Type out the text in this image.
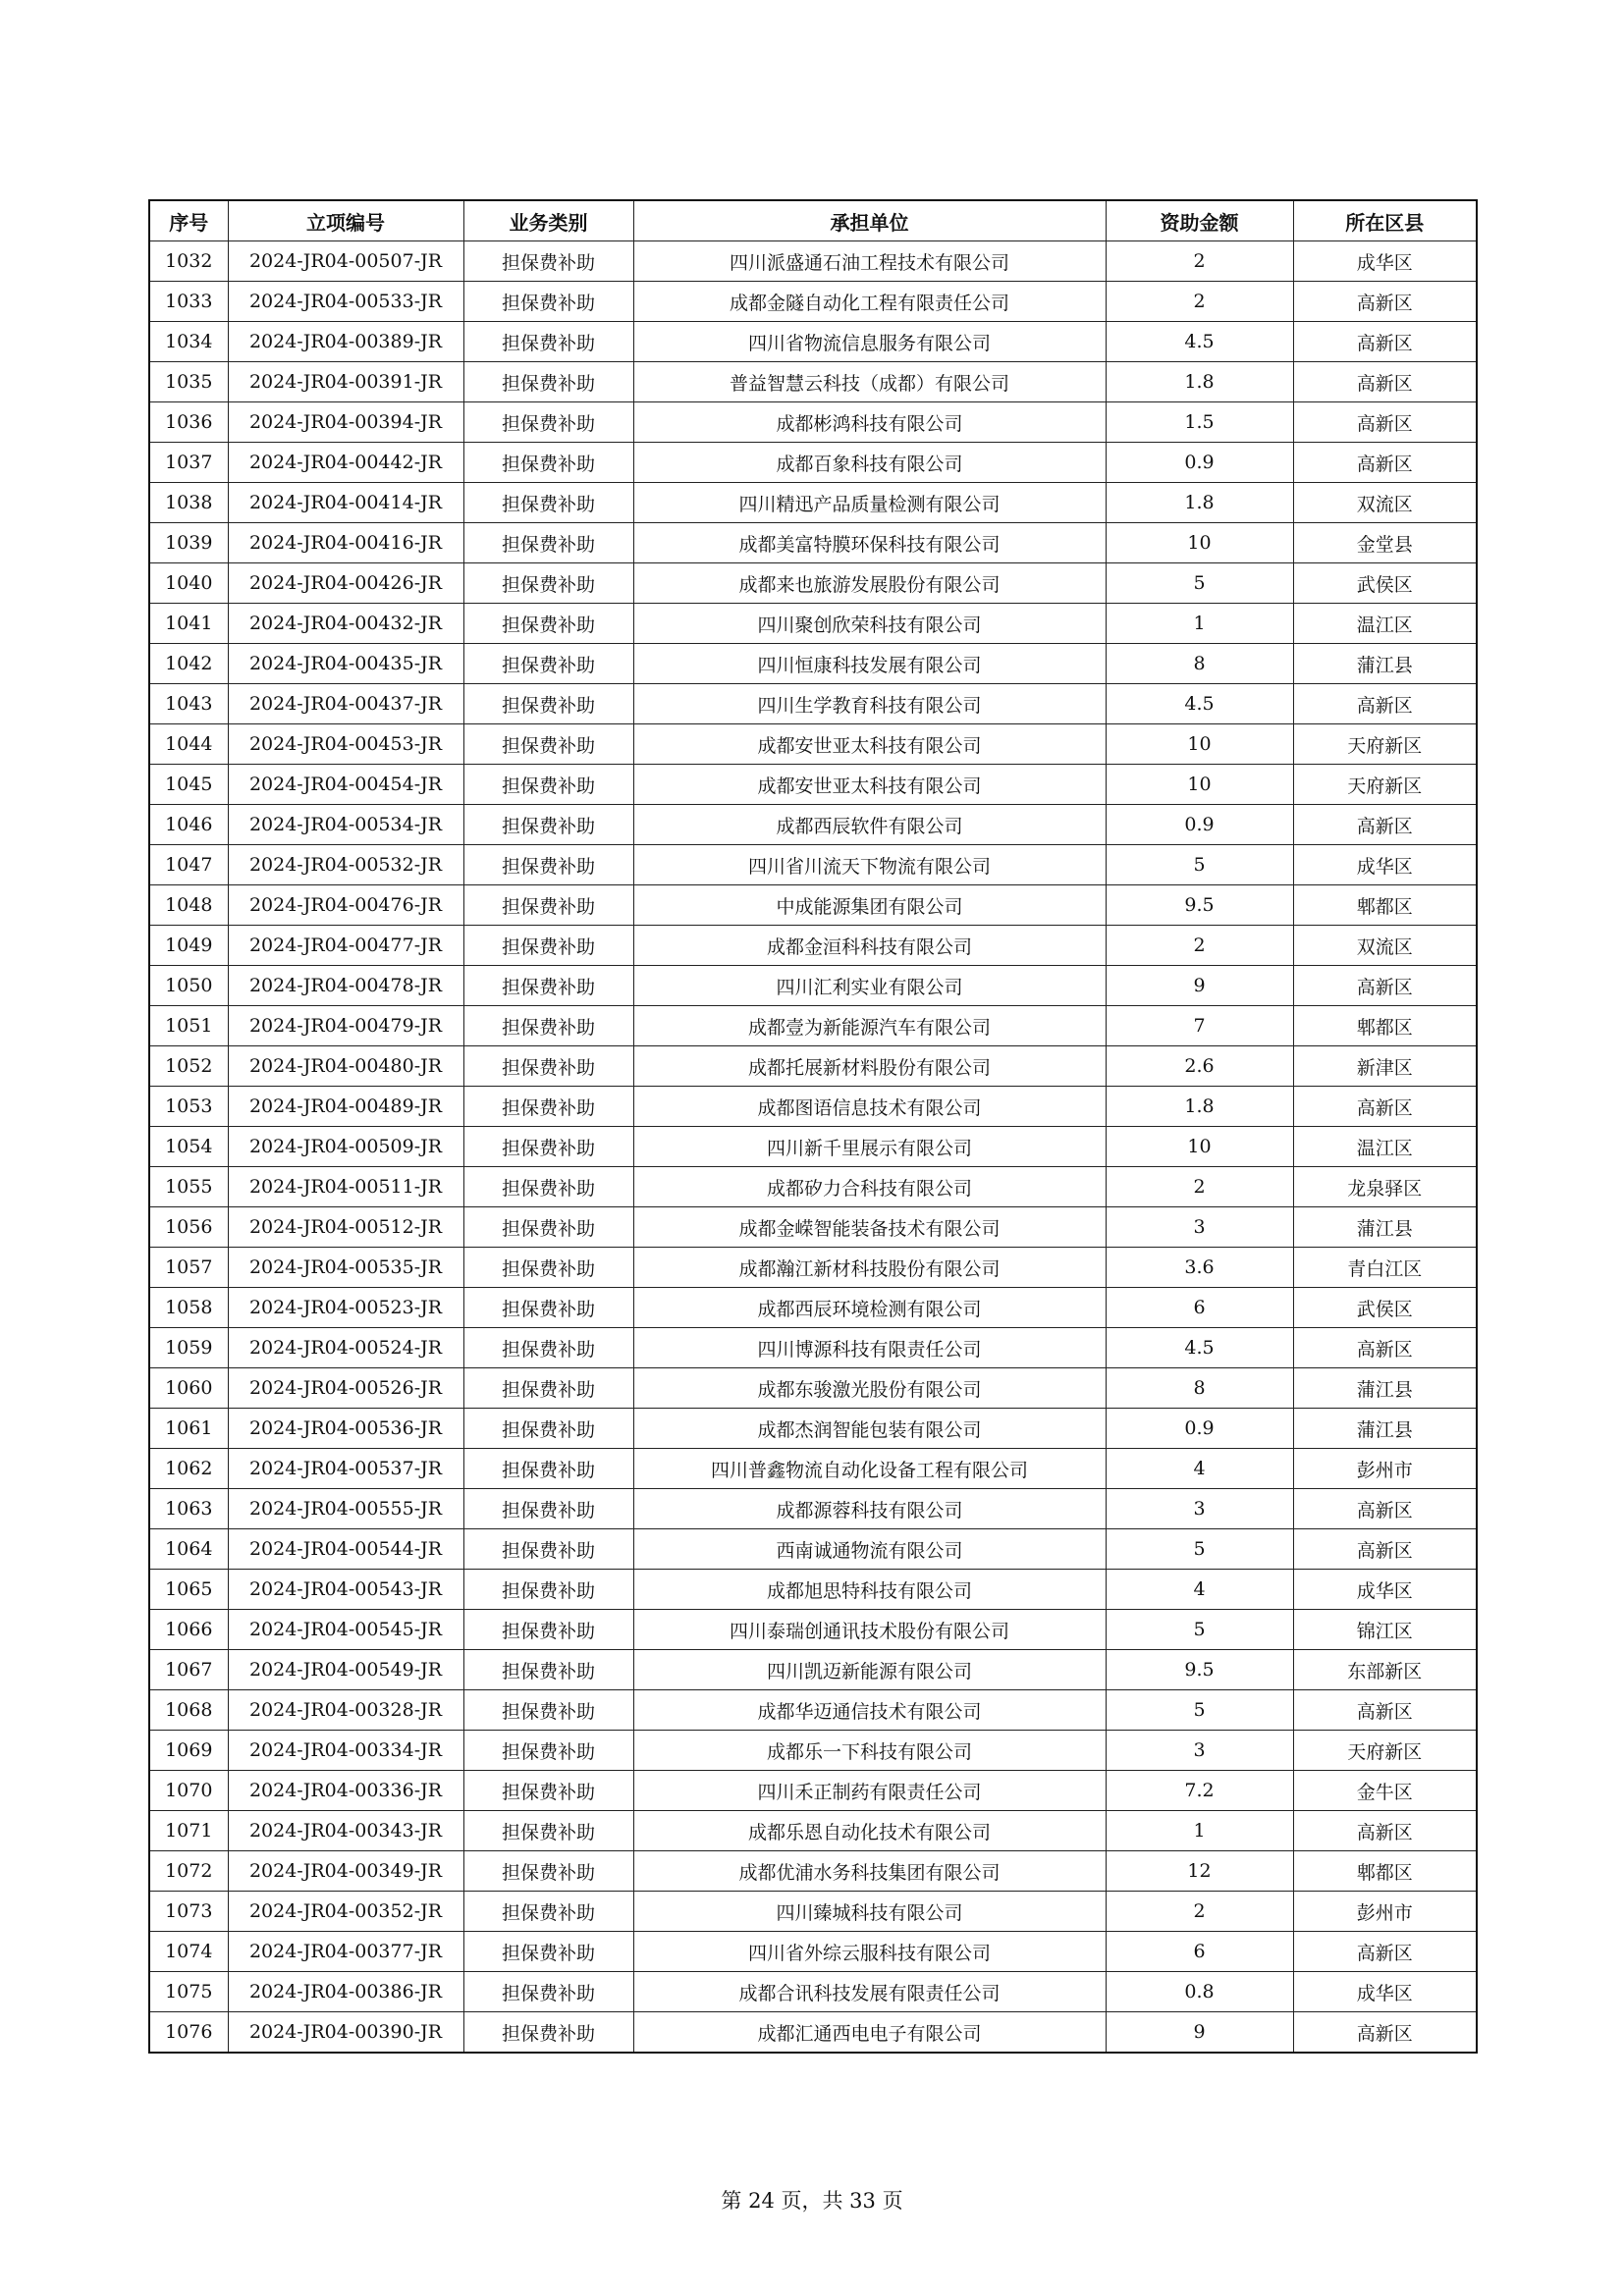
序号	立项编号	业务类别	承担单位	资助金额	所在区县
1032	2024-JR04-00507-JR	担保费补助	四川派盛通石油工程技术有限公司	2	成华区
1033	2024-JR04-00533-JR	担保费补助	成都金隧自动化工程有限责任公司	2	高新区
1034	2024-JR04-00389-JR	担保费补助	四川省物流信息服务有限公司	4.5	高新区
1035	2024-JR04-00391-JR	担保费补助	普益智慧云科技（成都）有限公司	1.8	高新区
1036	2024-JR04-00394-JR	担保费补助	成都彬鸿科技有限公司	1.5	高新区
1037	2024-JR04-00442-JR	担保费补助	成都百象科技有限公司	0.9	高新区
1038	2024-JR04-00414-JR	担保费补助	四川精迅产品质量检测有限公司	1.8	双流区
1039	2024-JR04-00416-JR	担保费补助	成都美富特膜环保科技有限公司	10	金堂县
1040	2024-JR04-00426-JR	担保费补助	成都来也旅游发展股份有限公司	5	武侯区
1041	2024-JR04-00432-JR	担保费补助	四川聚创欣荣科技有限公司	1	温江区
1042	2024-JR04-00435-JR	担保费补助	四川恒康科技发展有限公司	8	蒲江县
1043	2024-JR04-00437-JR	担保费补助	四川生学教育科技有限公司	4.5	高新区
1044	2024-JR04-00453-JR	担保费补助	成都安世亚太科技有限公司	10	天府新区
1045	2024-JR04-00454-JR	担保费补助	成都安世亚太科技有限公司	10	天府新区
1046	2024-JR04-00534-JR	担保费补助	成都西辰软件有限公司	0.9	高新区
1047	2024-JR04-00532-JR	担保费补助	四川省川流天下物流有限公司	5	成华区
1048	2024-JR04-00476-JR	担保费补助	中成能源集团有限公司	9.5	郫都区
1049	2024-JR04-00477-JR	担保费补助	成都金洹科科技有限公司	2	双流区
1050	2024-JR04-00478-JR	担保费补助	四川汇利实业有限公司	9	高新区
1051	2024-JR04-00479-JR	担保费补助	成都壹为新能源汽车有限公司	7	郫都区
1052	2024-JR04-00480-JR	担保费补助	成都托展新材料股份有限公司	2.6	新津区
1053	2024-JR04-00489-JR	担保费补助	成都图语信息技术有限公司	1.8	高新区
1054	2024-JR04-00509-JR	担保费补助	四川新千里展示有限公司	10	温江区
1055	2024-JR04-00511-JR	担保费补助	成都矽力合科技有限公司	2	龙泉驿区
1056	2024-JR04-00512-JR	担保费补助	成都金嵘智能装备技术有限公司	3	蒲江县
1057	2024-JR04-00535-JR	担保费补助	成都瀚江新材科技股份有限公司	3.6	青白江区
1058	2024-JR04-00523-JR	担保费补助	成都西辰环境检测有限公司	6	武侯区
1059	2024-JR04-00524-JR	担保费补助	四川博源科技有限责任公司	4.5	高新区
1060	2024-JR04-00526-JR	担保费补助	成都东骏激光股份有限公司	8	蒲江县
1061	2024-JR04-00536-JR	担保费补助	成都杰润智能包装有限公司	0.9	蒲江县
1062	2024-JR04-00537-JR	担保费补助	四川普鑫物流自动化设备工程有限公司	4	彭州市
1063	2024-JR04-00555-JR	担保费补助	成都源蓉科技有限公司	3	高新区
1064	2024-JR04-00544-JR	担保费补助	西南诚通物流有限公司	5	高新区
1065	2024-JR04-00543-JR	担保费补助	成都旭思特科技有限公司	4	成华区
1066	2024-JR04-00545-JR	担保费补助	四川泰瑞创通讯技术股份有限公司	5	锦江区
1067	2024-JR04-00549-JR	担保费补助	四川凯迈新能源有限公司	9.5	东部新区
1068	2024-JR04-00328-JR	担保费补助	成都华迈通信技术有限公司	5	高新区
1069	2024-JR04-00334-JR	担保费补助	成都乐一下科技有限公司	3	天府新区
1070	2024-JR04-00336-JR	担保费补助	四川禾正制药有限责任公司	7.2	金牛区
1071	2024-JR04-00343-JR	担保费补助	成都乐恩自动化技术有限公司	1	高新区
1072	2024-JR04-00349-JR	担保费补助	成都优浦水务科技集团有限公司	12	郫都区
1073	2024-JR04-00352-JR	担保费补助	四川臻城科技有限公司	2	彭州市
1074	2024-JR04-00377-JR	担保费补助	四川省外综云服科技有限公司	6	高新区
1075	2024-JR04-00386-JR	担保费补助	成都合讯科技发展有限责任公司	0.8	成华区
1076	2024-JR04-00390-JR	担保费补助	成都汇通西电电子有限公司	9	高新区
第 24 页，共 33 页
